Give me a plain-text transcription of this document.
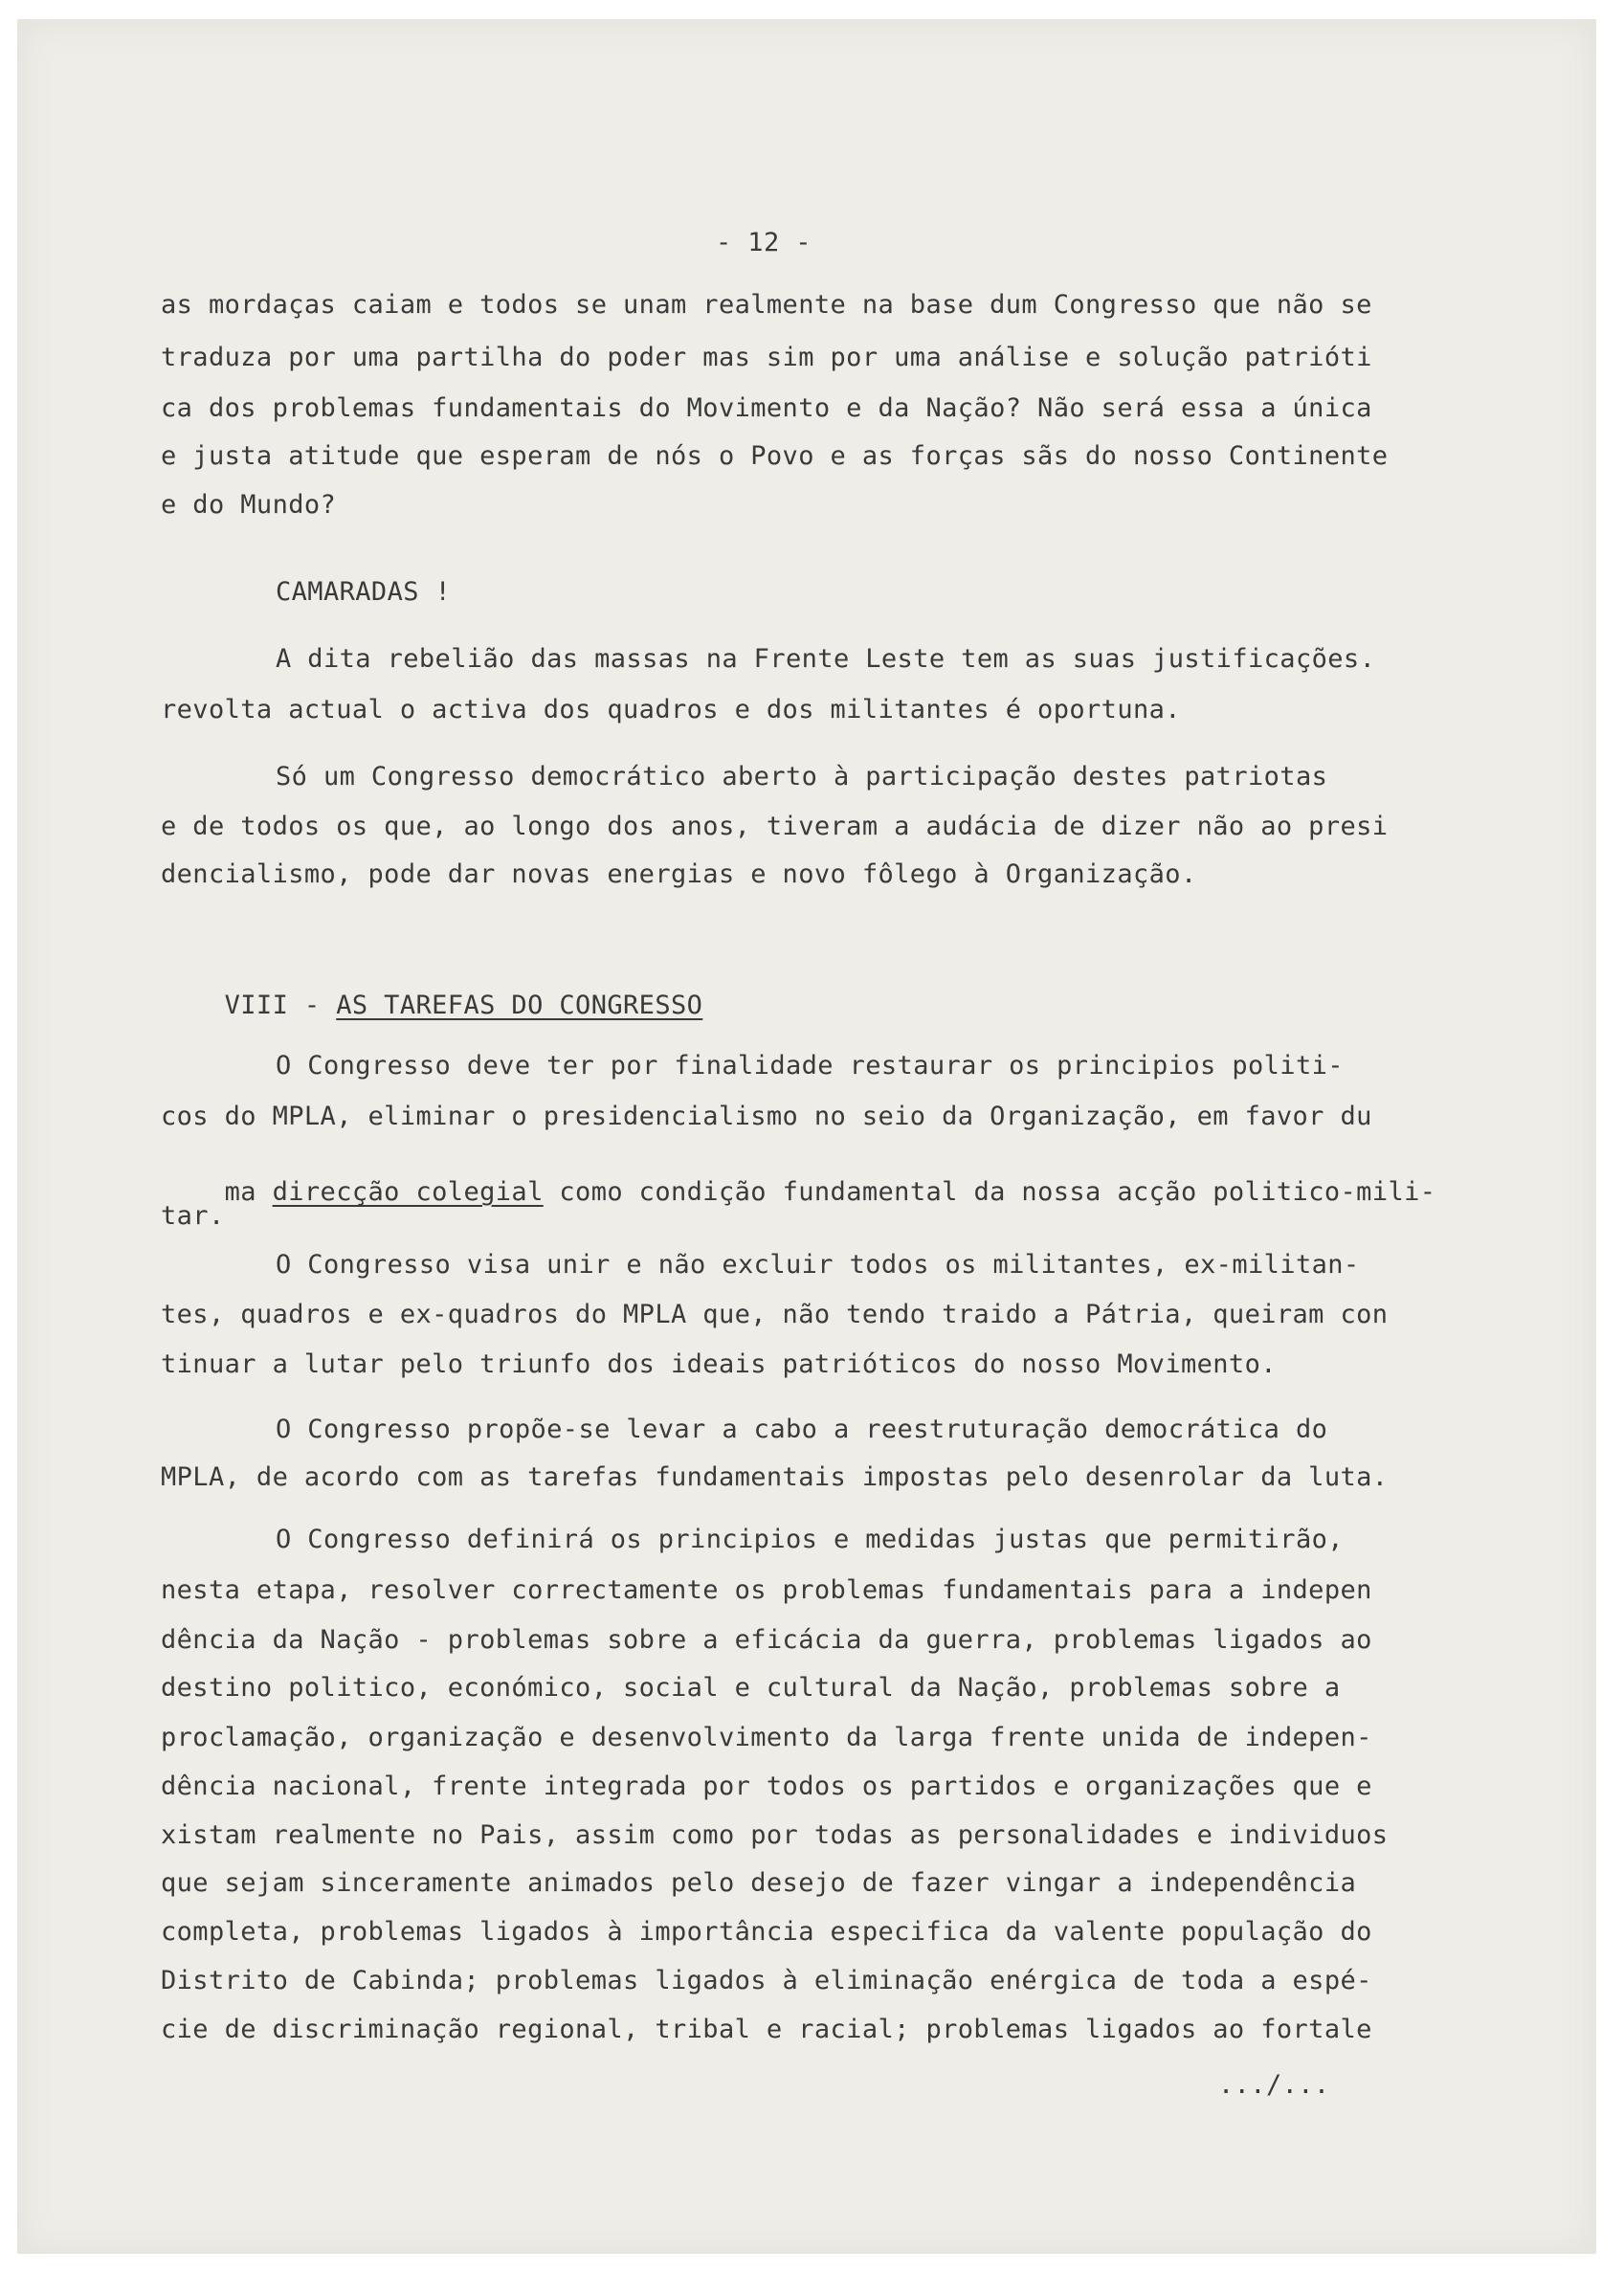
- 12 -
as mordaças caiam e todos se unam realmente na base dum Congresso que não se
traduza por uma partilha do poder mas sim por uma análise e solução patrióti
ca dos problemas fundamentais do Movimento e da Nação? Não será essa a única
e justa atitude que esperam de nós o Povo e as forças sãs do nosso Continente
e do Mundo?
CAMARADAS !
A dita rebelião das massas na Frente Leste tem as suas justificações.
revolta actual o activa dos quadros e dos militantes é oportuna.
Só um Congresso democrático aberto à participação destes patriotas
e de todos os que, ao longo dos anos, tiveram a audácia de dizer não ao presi
dencialismo, pode dar novas energias e novo fôlego à Organização.

VIII - AS TAREFAS DO CONGRESSO

O Congresso deve ter por finalidade restaurar os principios politi-
cos do MPLA, eliminar o presidencialismo no seio da Organização, em favor du

ma direcção colegial como condição fundamental da nossa acção politico-mili-

tar.
O Congresso visa unir e não excluir todos os militantes, ex-militan-
tes, quadros e ex-quadros do MPLA que, não tendo traido a Pátria, queiram con
tinuar a lutar pelo triunfo dos ideais patrióticos do nosso Movimento.
O Congresso propõe-se levar a cabo a reestruturação democrática do
MPLA, de acordo com as tarefas fundamentais impostas pelo desenrolar da luta.
O Congresso definirá os principios e medidas justas que permitirão,
nesta etapa, resolver correctamente os problemas fundamentais para a indepen
dência da Nação - problemas sobre a eficácia da guerra, problemas ligados ao
destino politico, económico, social e cultural da Nação, problemas sobre a
proclamação, organização e desenvolvimento da larga frente unida de indepen-
dência nacional, frente integrada por todos os partidos e organizações que e
xistam realmente no Pais, assim como por todas as personalidades e individuos
que sejam sinceramente animados pelo desejo de fazer vingar a independência
completa, problemas ligados à importância especifica da valente população do
Distrito de Cabinda; problemas ligados à eliminação enérgica de toda a espé-
cie de discriminação regional, tribal e racial; problemas ligados ao fortale
.../...
